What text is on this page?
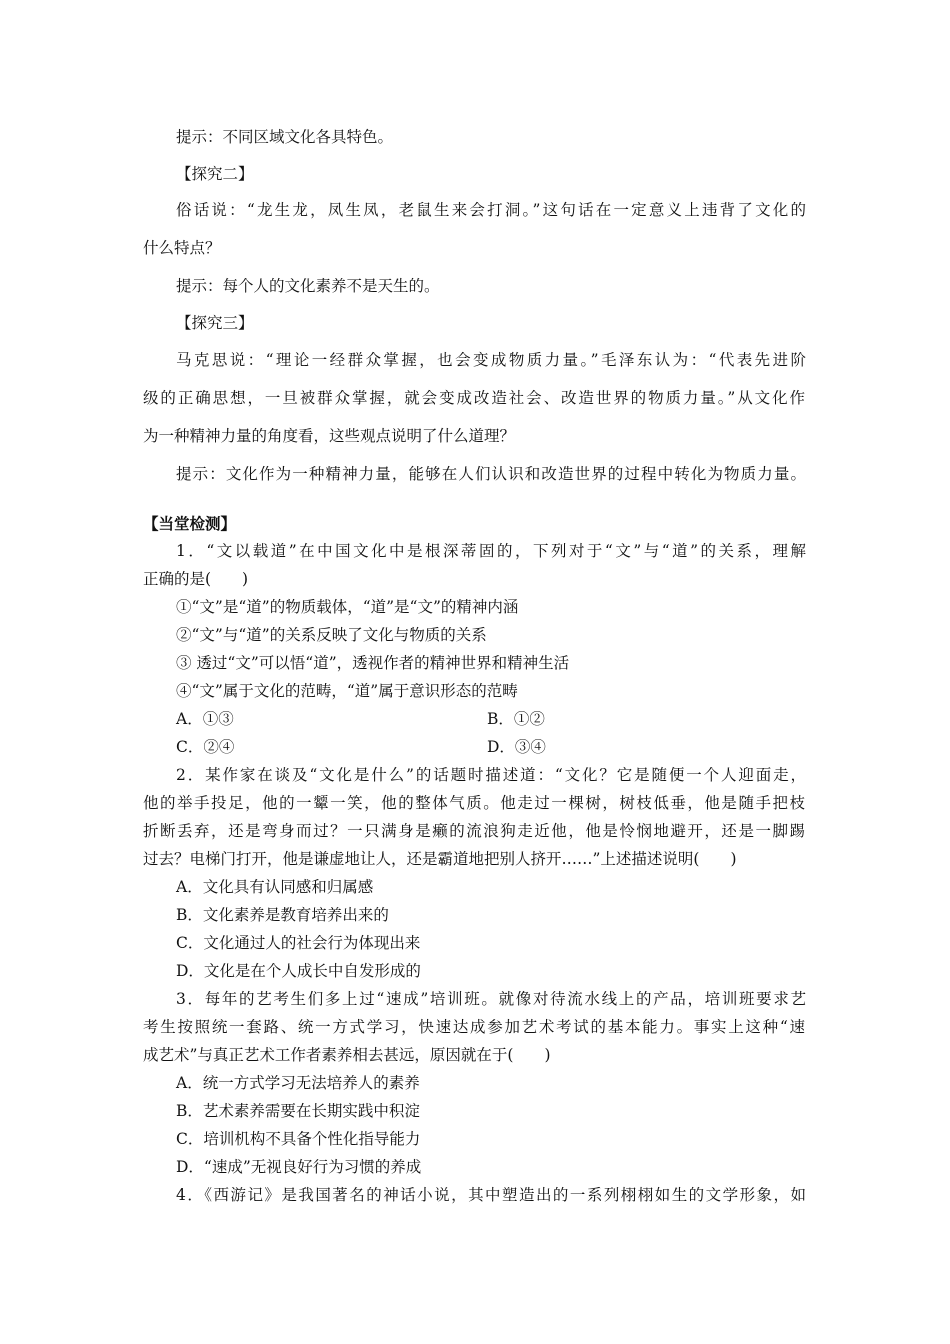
提示：不同区域文化各具特色。
【探究二】
俗话说：“龙生龙，凤生凤，老鼠生来会打洞。”这句话在一定意义上违背了文化的
什么特点？
提示：每个人的文化素养不是天生的。
【探究三】
马克思说：“理论一经群众掌握，也会变成物质力量。”毛泽东认为：“代表先进阶
级的正确思想，一旦被群众掌握，就会变成改造社会、改造世界的物质力量。”从文化作
为一种精神力量的角度看，这些观点说明了什么道理？
提示：文化作为一种精神力量，能够在人们认识和改造世界的过程中转化为物质力量。
【当堂检测】
1．“文以载道”在中国文化中是根深蒂固的，下列对于“文”与“道”的关系，理解
正确的是(　　)
①“文”是“道”的物质载体，“道”是“文”的精神内涵
②“文”与“道”的关系反映了文化与物质的关系
③ 透过“文”可以悟“道”，透视作者的精神世界和精神生活
④“文”属于文化的范畴，“道”属于意识形态的范畴
A．①③	B．①②
C．②④	D．③④
2．某作家在谈及“文化是什么”的话题时描述道：“文化？它是随便一个人迎面走，
他的举手投足，他的一颦一笑，他的整体气质。他走过一棵树，树枝低垂，他是随手把枝
折断丢弃，还是弯身而过？一只满身是癞的流浪狗走近他，他是怜悯地避开，还是一脚踢
过去？电梯门打开，他是谦虚地让人，还是霸道地把别人挤开……”上述描述说明(　　)
A．文化具有认同感和归属感
B．文化素养是教育培养出来的
C．文化通过人的社会行为体现出来
D．文化是在个人成长中自发形成的
3．每年的艺考生们多上过“速成”培训班。就像对待流水线上的产品，培训班要求艺
考生按照统一套路、统一方式学习，快速达成参加艺术考试的基本能力。事实上这种“速
成艺术”与真正艺术工作者素养相去甚远，原因就在于(　　)
A．统一方式学习无法培养人的素养
B．艺术素养需要在长期实践中积淀
C．培训机构不具备个性化指导能力
D．“速成”无视良好行为习惯的养成
4．《西游记》是我国著名的神话小说，其中塑造出的一系列栩栩如生的文学形象，如
